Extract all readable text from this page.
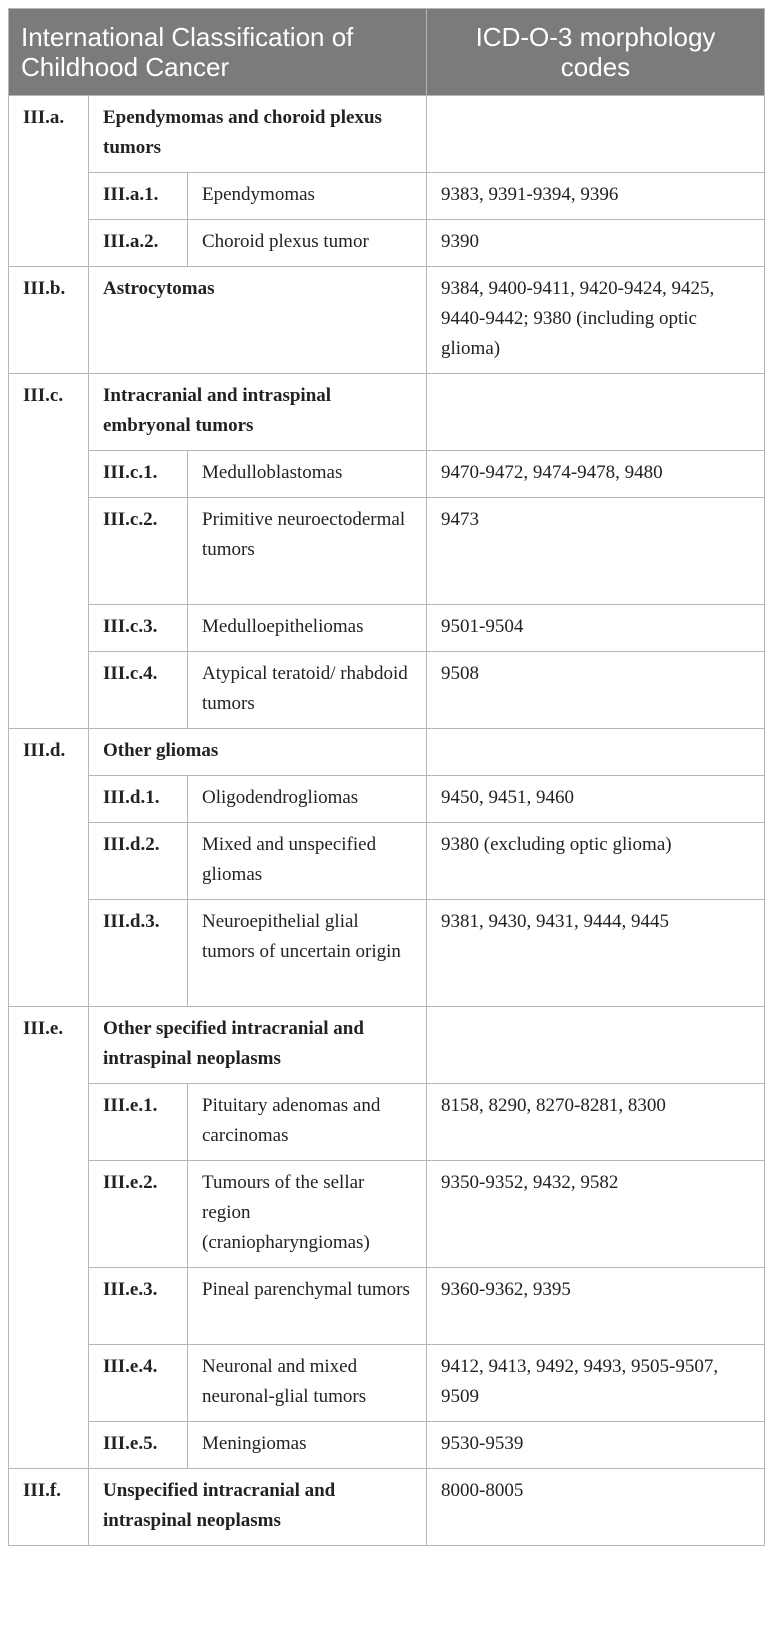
International Classification of Childhood Cancer			ICD-O-3 morphology codes
III.a.	Ependymomas and choroid plexus tumors		
	III.a.1.	Ependymomas	9383, 9391-9394, 9396
	III.a.2.	Choroid plexus tumor	9390
III.b.	Astrocytomas		9384, 9400-9411, 9420-9424, 9425, 9440-9442; 9380 (including optic glioma)
III.c.	Intracranial and intraspinal embryonal tumors		
	III.c.1.	Medulloblastomas	9470-9472, 9474-9478, 9480
	III.c.2.	Primitive neuroectodermal tumors	9473
	III.c.3.	Medulloepitheliomas	9501-9504
	III.c.4.	Atypical teratoid/ rhabdoid tumors	9508
III.d.	Other gliomas		
	III.d.1.	Oligodendrogliomas	9450, 9451, 9460
	III.d.2.	Mixed and unspecified gliomas	9380 (excluding optic glioma)
	III.d.3.	Neuroepithelial glial tumors of uncertain origin	9381, 9430, 9431, 9444, 9445
III.e.	Other specified intracranial and intraspinal neoplasms		
	III.e.1.	Pituitary adenomas and carcinomas	8158, 8290, 8270-8281, 8300
	III.e.2.	Tumours of the sellar region (craniopharyngiomas)	9350-9352, 9432, 9582
	III.e.3.	Pineal parenchymal tumors	9360-9362, 9395
	III.e.4.	Neuronal and mixed neuronal-glial tumors	9412, 9413, 9492, 9493, 9505-9507, 9509
	III.e.5.	Meningiomas	9530-9539
III.f.	Unspecified intracranial and intraspinal neoplasms		8000-8005
